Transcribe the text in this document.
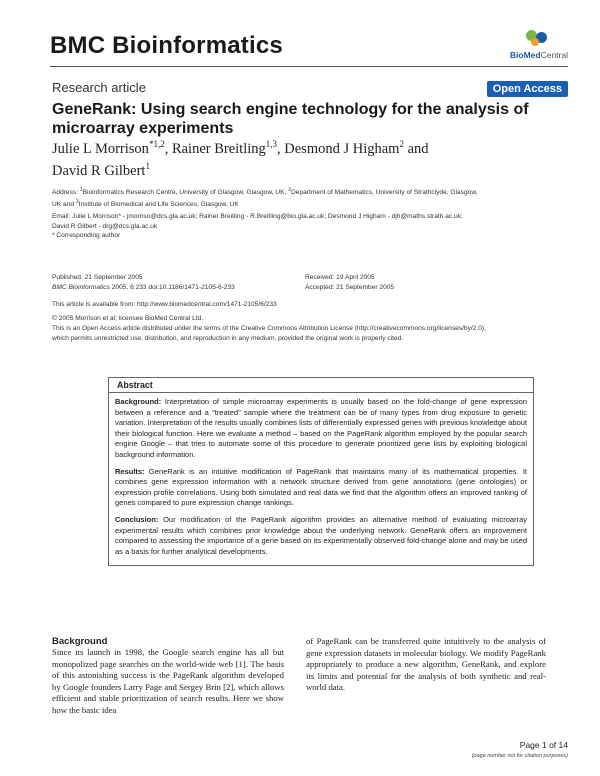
BMC Bioinformatics	BioMedCentral
Research article	Open Access
GeneRank: Using search engine technology for the analysis of microarray experiments
Julie L Morrison$^{*1,2}$, Rainer Breitling$^{1,3}$, Desmond J Higham$^2$ and
David R Gilbert$^1$
Address: $^1$Bioinformatics Research Centre, University of Glasgow, Glasgow, UK, $^2$Department of Mathematics, University of Strathclyde, Glasgow,
UK and $^3$Institute of Biomedical and Life Sciences, Glasgow, UK
Email: Julie L Morrison* - jmorriso@dcs.gla.ac.uk; Rainer Breitling - R.Breitling@bio.gla.ac.uk; Desmond J Higham - djh@maths.strath.ac.uk;
David R Gilbert - drg@dcs.gla.ac.uk
* Corresponding author
Published: 21 September 2005
BMC Bioinformatics 2005, 6:233 doi:10.1186/1471-2105-6-233
Received: 19 April 2005
Accepted: 21 September 2005
This article is available from: http://www.biomedcentral.com/1471-2105/6/233
© 2005 Morrison et al; licensee BioMed Central Ltd.
This is an Open Access article distributed under the terms of the Creative Commons Attribution License (http://creativecommons.org/licenses/by/2.0),
which permits unrestricted use, distribution, and reproduction in any medium, provided the original work is properly cited.
Abstract

Background: Interpretation of simple microarray experiments is usually based on the fold-change of gene expression between a reference and a "treated" sample where the treatment can be of many types from drug exposure to genetic variation. Interpretation of the results usually combines lists of differentially expressed genes with previous knowledge about their biological function. Here we evaluate a method – based on the PageRank algorithm employed by the popular search engine Google – that tries to automate some of this procedure to generate prioritized gene lists by exploiting biological background information.

Results: GeneRank is an intuitive modification of PageRank that maintains many of its mathematical properties. It combines gene expression information with a network structure derived from gene annotations (gene ontologies) or expression profile correlations. Using both simulated and real data we find that the algorithm offers an improved ranking of genes compared to pure expression change rankings.

Conclusion: Our modification of the PageRank algorithm provides an alternative method of evaluating microarray experimental results which combines prior knowledge about the underlying network. GeneRank offers an improvement compared to assessing the importance of a gene based on its experimentally observed fold-change alone and may be used as a basis for further analytical developments.

Background
Since its launch in 1998, the Google search engine has all but monopolized page searches on the world-wide web [1]. The basis of this astonishing success is the PageRank algorithm developed by Google founders Larry Page and Sergey Brin [2], which allows efficient and stable prioritization of search results. Here we show how the basic idea
of PageRank can be transferred quite intuitively to the analysis of gene expression datasets in molecular biology. We modify PageRank appropriately to produce a new algorithm, GeneRank, and explore its limits and potential for the analysis of both synthetic and real-world data.
Page 1 of 14
(page number not for citation purposes)
